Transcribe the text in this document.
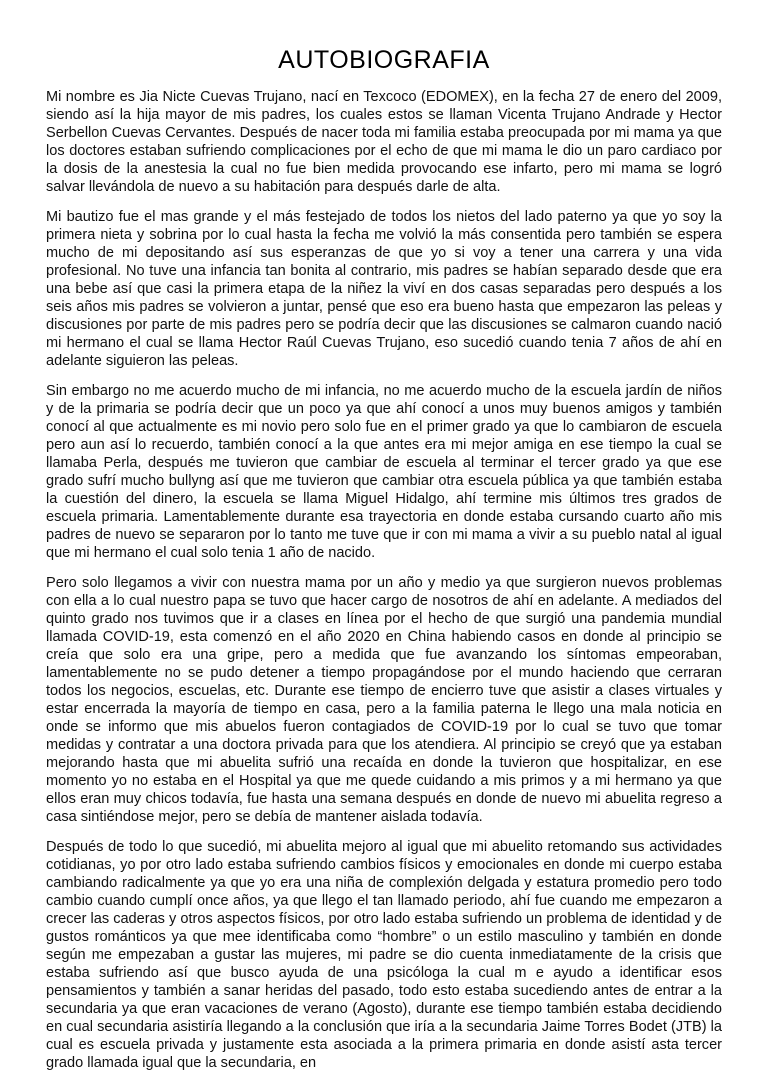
AUTOBIOGRAFIA

Mi nombre es Jia Nicte Cuevas Trujano, nací en Texcoco (EDOMEX), en la fecha 27 de enero del 2009, siendo así la hija mayor de mis padres, los cuales estos se llaman Vicenta Trujano Andrade y Hector Serbellon Cuevas Cervantes. Después de nacer toda mi familia estaba preocupada por mi mama ya que los doctores estaban sufriendo complicaciones por el echo de que mi mama le dio un paro cardiaco por la dosis de la anestesia la cual no fue bien medida provocando ese infarto, pero mi mama se logró salvar llevándola de nuevo a su habitación para después darle de alta.

Mi bautizo fue el mas grande y el más festejado de todos los nietos del lado paterno ya que yo soy la primera nieta y sobrina por lo cual hasta la fecha me volvió la más consentida pero también se espera mucho de mi depositando así sus esperanzas de que yo si voy a tener una carrera y una vida profesional. No tuve una infancia tan bonita al contrario, mis padres se habían separado desde que era una bebe así que casi la primera etapa de la niñez la viví en dos casas separadas pero después a los seis años mis padres se volvieron a juntar, pensé que eso era bueno hasta que empezaron las peleas y discusiones por parte de mis padres pero se podría decir que las discusiones se calmaron cuando nació mi hermano el cual se llama Hector Raúl Cuevas Trujano, eso sucedió cuando tenia 7 años de ahí en adelante siguieron las peleas.

Sin embargo no me acuerdo mucho de mi infancia, no me acuerdo mucho de la escuela jardín de niños y de la primaria se podría decir que un poco ya que ahí conocí a unos muy buenos amigos y también conocí al que actualmente es mi novio pero solo fue en el primer grado ya que lo cambiaron de escuela pero aun así lo recuerdo, también conocí a la que antes era mi mejor amiga en ese tiempo la cual se llamaba Perla, después me tuvieron que cambiar de escuela al terminar el tercer grado ya que ese grado sufrí mucho bullyng así que me tuvieron que cambiar otra escuela pública ya que también estaba la cuestión del dinero, la escuela se llama Miguel Hidalgo, ahí termine mis últimos tres grados de escuela primaria. Lamentablemente durante esa trayectoria en donde estaba cursando cuarto año mis padres de nuevo se separaron por lo tanto me tuve que ir con mi mama a vivir a su pueblo natal al igual que mi hermano el cual solo tenia 1 año de nacido.

Pero solo llegamos a vivir con nuestra mama por un año y medio ya que surgieron nuevos problemas con ella a lo cual nuestro papa se tuvo que hacer cargo de nosotros de ahí en adelante. A mediados del quinto grado nos tuvimos que ir a clases en línea por el hecho de que surgió una pandemia mundial llamada COVID-19, esta comenzó en el año 2020 en China habiendo casos en donde al principio se creía que solo era una gripe, pero a medida que fue avanzando los síntomas empeoraban, lamentablemente no se pudo detener a tiempo propagándose por el mundo haciendo que cerraran todos los negocios, escuelas, etc. Durante ese tiempo de encierro tuve que asistir a clases virtuales y estar encerrada la mayoría de tiempo en casa, pero a la familia paterna le llego una mala noticia en onde se informo que mis abuelos fueron contagiados de COVID-19 por lo cual se tuvo que tomar medidas y contratar a una doctora privada para que los atendiera. Al principio se creyó que ya estaban mejorando hasta que mi abuelita sufrió una recaída en donde la tuvieron que hospitalizar, en ese momento yo no estaba en el Hospital ya que me quede cuidando a mis primos y a mi hermano ya que ellos eran muy chicos todavía, fue hasta una semana después en donde de nuevo mi abuelita regreso a casa sintiéndose mejor, pero se debía de mantener aislada todavía.

Después de todo lo que sucedió, mi abuelita mejoro al igual que mi abuelito retomando sus actividades cotidianas, yo por otro lado estaba sufriendo cambios físicos y emocionales en donde mi cuerpo estaba cambiando radicalmente ya que yo era una niña de complexión delgada y estatura promedio pero todo cambio cuando cumplí once años, ya que llego el tan llamado periodo, ahí fue cuando me empezaron a crecer las caderas y otros aspectos físicos, por otro lado estaba sufriendo un problema de identidad y de gustos románticos ya que mee identificaba como “hombre” o un estilo masculino y también en donde según me empezaban a gustar las mujeres, mi padre se dio cuenta inmediatamente de la crisis que estaba sufriendo así que busco ayuda de una psicóloga la cual m e ayudo a identificar esos pensamientos y también a sanar heridas del pasado, todo esto estaba sucediendo antes de entrar a la secundaria ya que eran vacaciones de verano (Agosto), durante ese tiempo también estaba decidiendo en cual secundaria asistiría llegando a la conclusión que iría a la secundaria Jaime Torres Bodet (JTB) la cual es escuela privada y justamente esta asociada a la primera primaria en donde asistí asta tercer grado llamada igual que la secundaria, en
